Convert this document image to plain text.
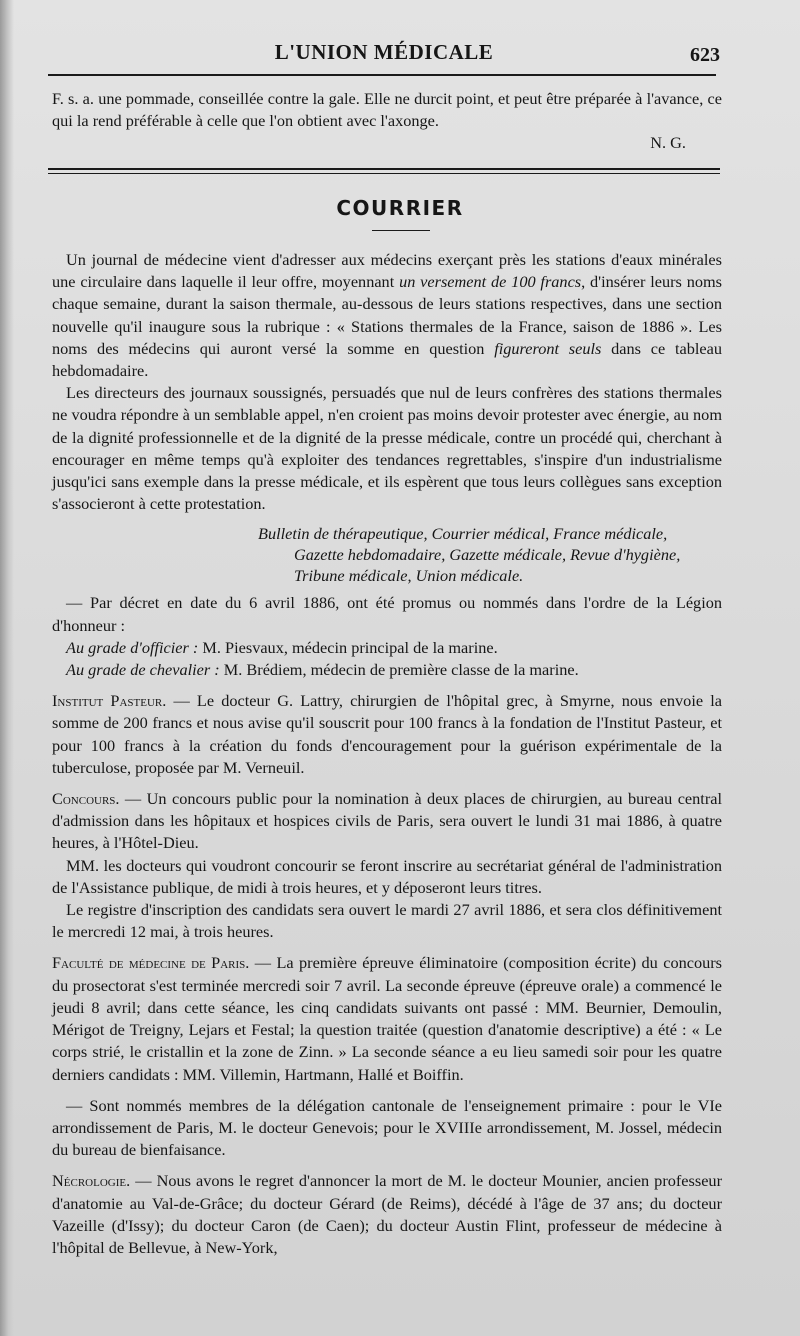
L'UNION MÉDICALE	623

F. s. a. une pommade, conseillée contre la gale. Elle ne durcit point, et peut être préparée à l'avance, ce qui la rend préférable à celle que l'on obtient avec l'axonge.

N. G.
COURRIER

Un journal de médecine vient d'adresser aux médecins exerçant près les stations d'eaux minérales une circulaire dans laquelle il leur offre, moyennant un versement de 100 francs, d'insérer leurs noms chaque semaine, durant la saison thermale, au-dessous de leurs stations respectives, dans une section nouvelle qu'il inaugure sous la rubrique : « Stations thermales de la France, saison de 1886 ». Les noms des médecins qui auront versé la somme en question figureront seuls dans ce tableau hebdomadaire.

Les directeurs des journaux soussignés, persuadés que nul de leurs confrères des stations thermales ne voudra répondre à un semblable appel, n'en croient pas moins devoir protester avec énergie, au nom de la dignité professionnelle et de la dignité de la presse médicale, contre un procédé qui, cherchant à encourager en même temps qu'à exploiter des tendances regrettables, s'inspire d'un industrialisme jusqu'ici sans exemple dans la presse médicale, et ils espèrent que tous leurs collègues sans exception s'associeront à cette protestation.

Bulletin de thérapeutique, Courrier médical, France médicale,
Gazette hebdomadaire, Gazette médicale, Revue d'hygiène,
Tribune médicale, Union médicale.

— Par décret en date du 6 avril 1886, ont été promus ou nommés dans l'ordre de la Légion d'honneur :

Au grade d'officier : M. Piesvaux, médecin principal de la marine.

Au grade de chevalier : M. Brédiem, médecin de première classe de la marine.

Institut Pasteur. — Le docteur G. Lattry, chirurgien de l'hôpital grec, à Smyrne, nous envoie la somme de 200 francs et nous avise qu'il souscrit pour 100 francs à la fondation de l'Institut Pasteur, et pour 100 francs à la création du fonds d'encouragement pour la guérison expérimentale de la tuberculose, proposée par M. Verneuil.

Concours. — Un concours public pour la nomination à deux places de chirurgien, au bureau central d'admission dans les hôpitaux et hospices civils de Paris, sera ouvert le lundi 31 mai 1886, à quatre heures, à l'Hôtel-Dieu.

MM. les docteurs qui voudront concourir se feront inscrire au secrétariat général de l'administration de l'Assistance publique, de midi à trois heures, et y déposeront leurs titres.

Le registre d'inscription des candidats sera ouvert le mardi 27 avril 1886, et sera clos définitivement le mercredi 12 mai, à trois heures.

Faculté de médecine de Paris. — La première épreuve éliminatoire (composition écrite) du concours du prosectorat s'est terminée mercredi soir 7 avril. La seconde épreuve (épreuve orale) a commencé le jeudi 8 avril; dans cette séance, les cinq candidats suivants ont passé : MM. Beurnier, Demoulin, Mérigot de Treigny, Lejars et Festal; la question traitée (question d'anatomie descriptive) a été : « Le corps strié, le cristallin et la zone de Zinn. » La seconde séance a eu lieu samedi soir pour les quatre derniers candidats : MM. Villemin, Hartmann, Hallé et Boiffin.

— Sont nommés membres de la délégation cantonale de l'enseignement primaire : pour le VIe arrondissement de Paris, M. le docteur Genevois; pour le XVIIIe arrondissement, M. Jossel, médecin du bureau de bienfaisance.

Nécrologie. — Nous avons le regret d'annoncer la mort de M. le docteur Mounier, ancien professeur d'anatomie au Val-de-Grâce; du docteur Gérard (de Reims), décédé à l'âge de 37 ans; du docteur Vazeille (d'Issy); du docteur Caron (de Caen); du docteur Austin Flint, professeur de médecine à l'hôpital de Bellevue, à New-York,
